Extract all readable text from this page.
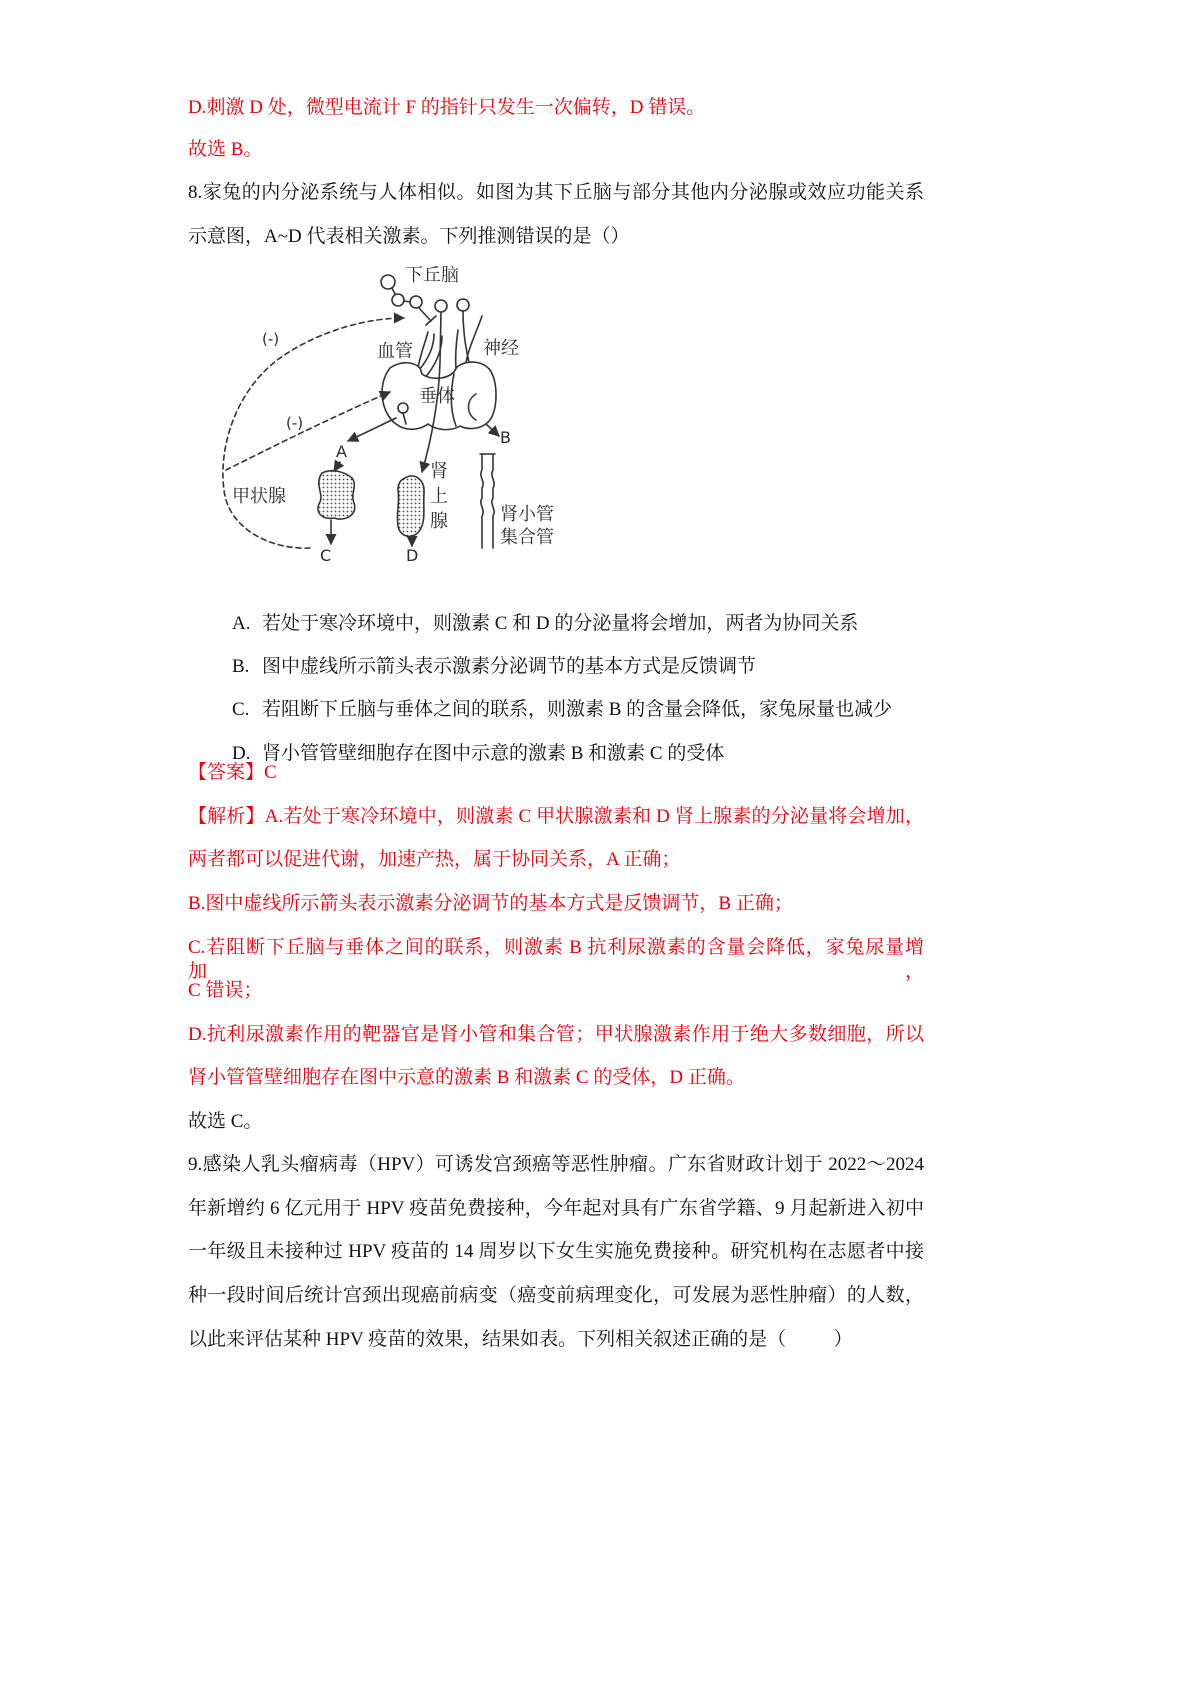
D.刺激 D 处，微型电流计 F 的指针只发生一次偏转，D 错误。
故选 B。
8.家兔的内分泌系统与人体相似。如图为其下丘脑与部分其他内分泌腺或效应功能关系
示意图，A~D 代表相关激素。下列推测错误的是（）
下丘脑
血管	神经
垂体
(-)
(-)
A
B
C	D
甲状腺	肾上腺	肾小管
集合管

A. 若处于寒冷环境中，则激素 C 和 D 的分泌量将会增加，两者为协同关系

B. 图中虚线所示箭头表示激素分泌调节的基本方式是反馈调节

C. 若阻断下丘脑与垂体之间的联系，则激素 B 的含量会降低，家兔尿量也减少

D. 肾小管管壁细胞存在图中示意的激素 B 和激素 C 的受体

【答案】C
【解析】A.若处于寒冷环境中，则激素 C 甲状腺激素和 D 肾上腺素的分泌量将会增加，
两者都可以促进代谢，加速产热，属于协同关系，A 正确；
B.图中虚线所示箭头表示激素分泌调节的基本方式是反馈调节，B 正确；
C.若阻断下丘脑与垂体之间的联系，则激素 B 抗利尿激素的含量会降低，家兔尿量增加，
C 错误；
D.抗利尿激素作用的靶器官是肾小管和集合管；甲状腺激素作用于绝大多数细胞，所以
肾小管管壁细胞存在图中示意的激素 B 和激素 C 的受体，D 正确。
故选 C。
9.感染人乳头瘤病毒（HPV）可诱发宫颈癌等恶性肿瘤。广东省财政计划于 2022～2024
年新增约 6 亿元用于 HPV 疫苗免费接种，今年起对具有广东省学籍、9 月起新进入初中
一年级且未接种过 HPV 疫苗的 14 周岁以下女生实施免费接种。研究机构在志愿者中接
种一段时间后统计宫颈出现癌前病变（癌变前病理变化，可发展为恶性肿瘤）的人数，
以此来评估某种 HPV 疫苗的效果，结果如表。下列相关叙述正确的是（          ）
